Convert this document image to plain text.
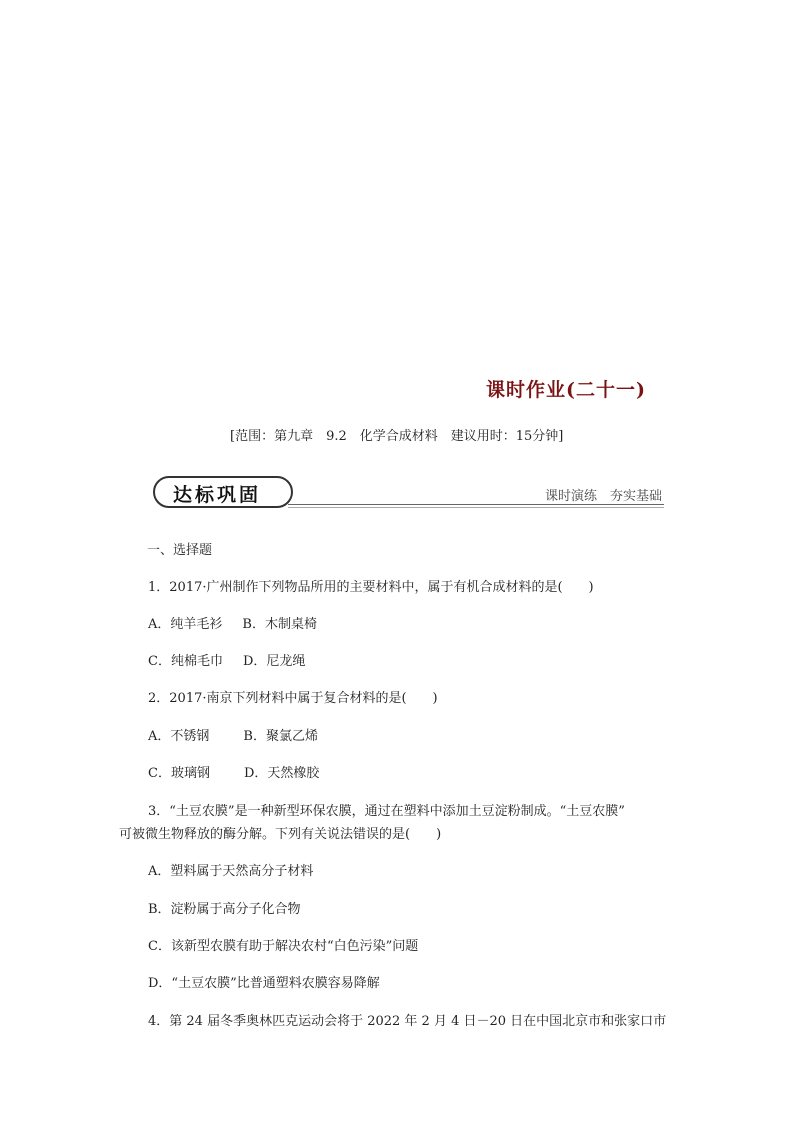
课时作业(二十一)
[范围：第九章　9.2　化学合成材料　建议用时：15分钟]
达标巩固	课时演练　夯实基础
一、选择题
1．2017·广州制作下列物品所用的主要材料中，属于有机合成材料的是(　　)
A．纯羊毛衫 B．木制桌椅
C．纯棉毛巾 D．尼龙绳
2．2017·南京下列材料中属于复合材料的是(　　)
A．不锈钢	B．聚氯乙烯
C．玻璃钢	D．天然橡胶
3．“土豆农膜”是一种新型环保农膜，通过在塑料中添加土豆淀粉制成。“土豆农膜”
可被微生物释放的酶分解。下列有关说法错误的是(　　)
A．塑料属于天然高分子材料
B．淀粉属于高分子化合物
C．该新型农膜有助于解决农村“白色污染”问题
D．“土豆农膜”比普通塑料农膜容易降解
4．第 24 届冬季奥林匹克运动会将于 2022 年 2 月 4 日－20 日在中国北京市和张家口市
